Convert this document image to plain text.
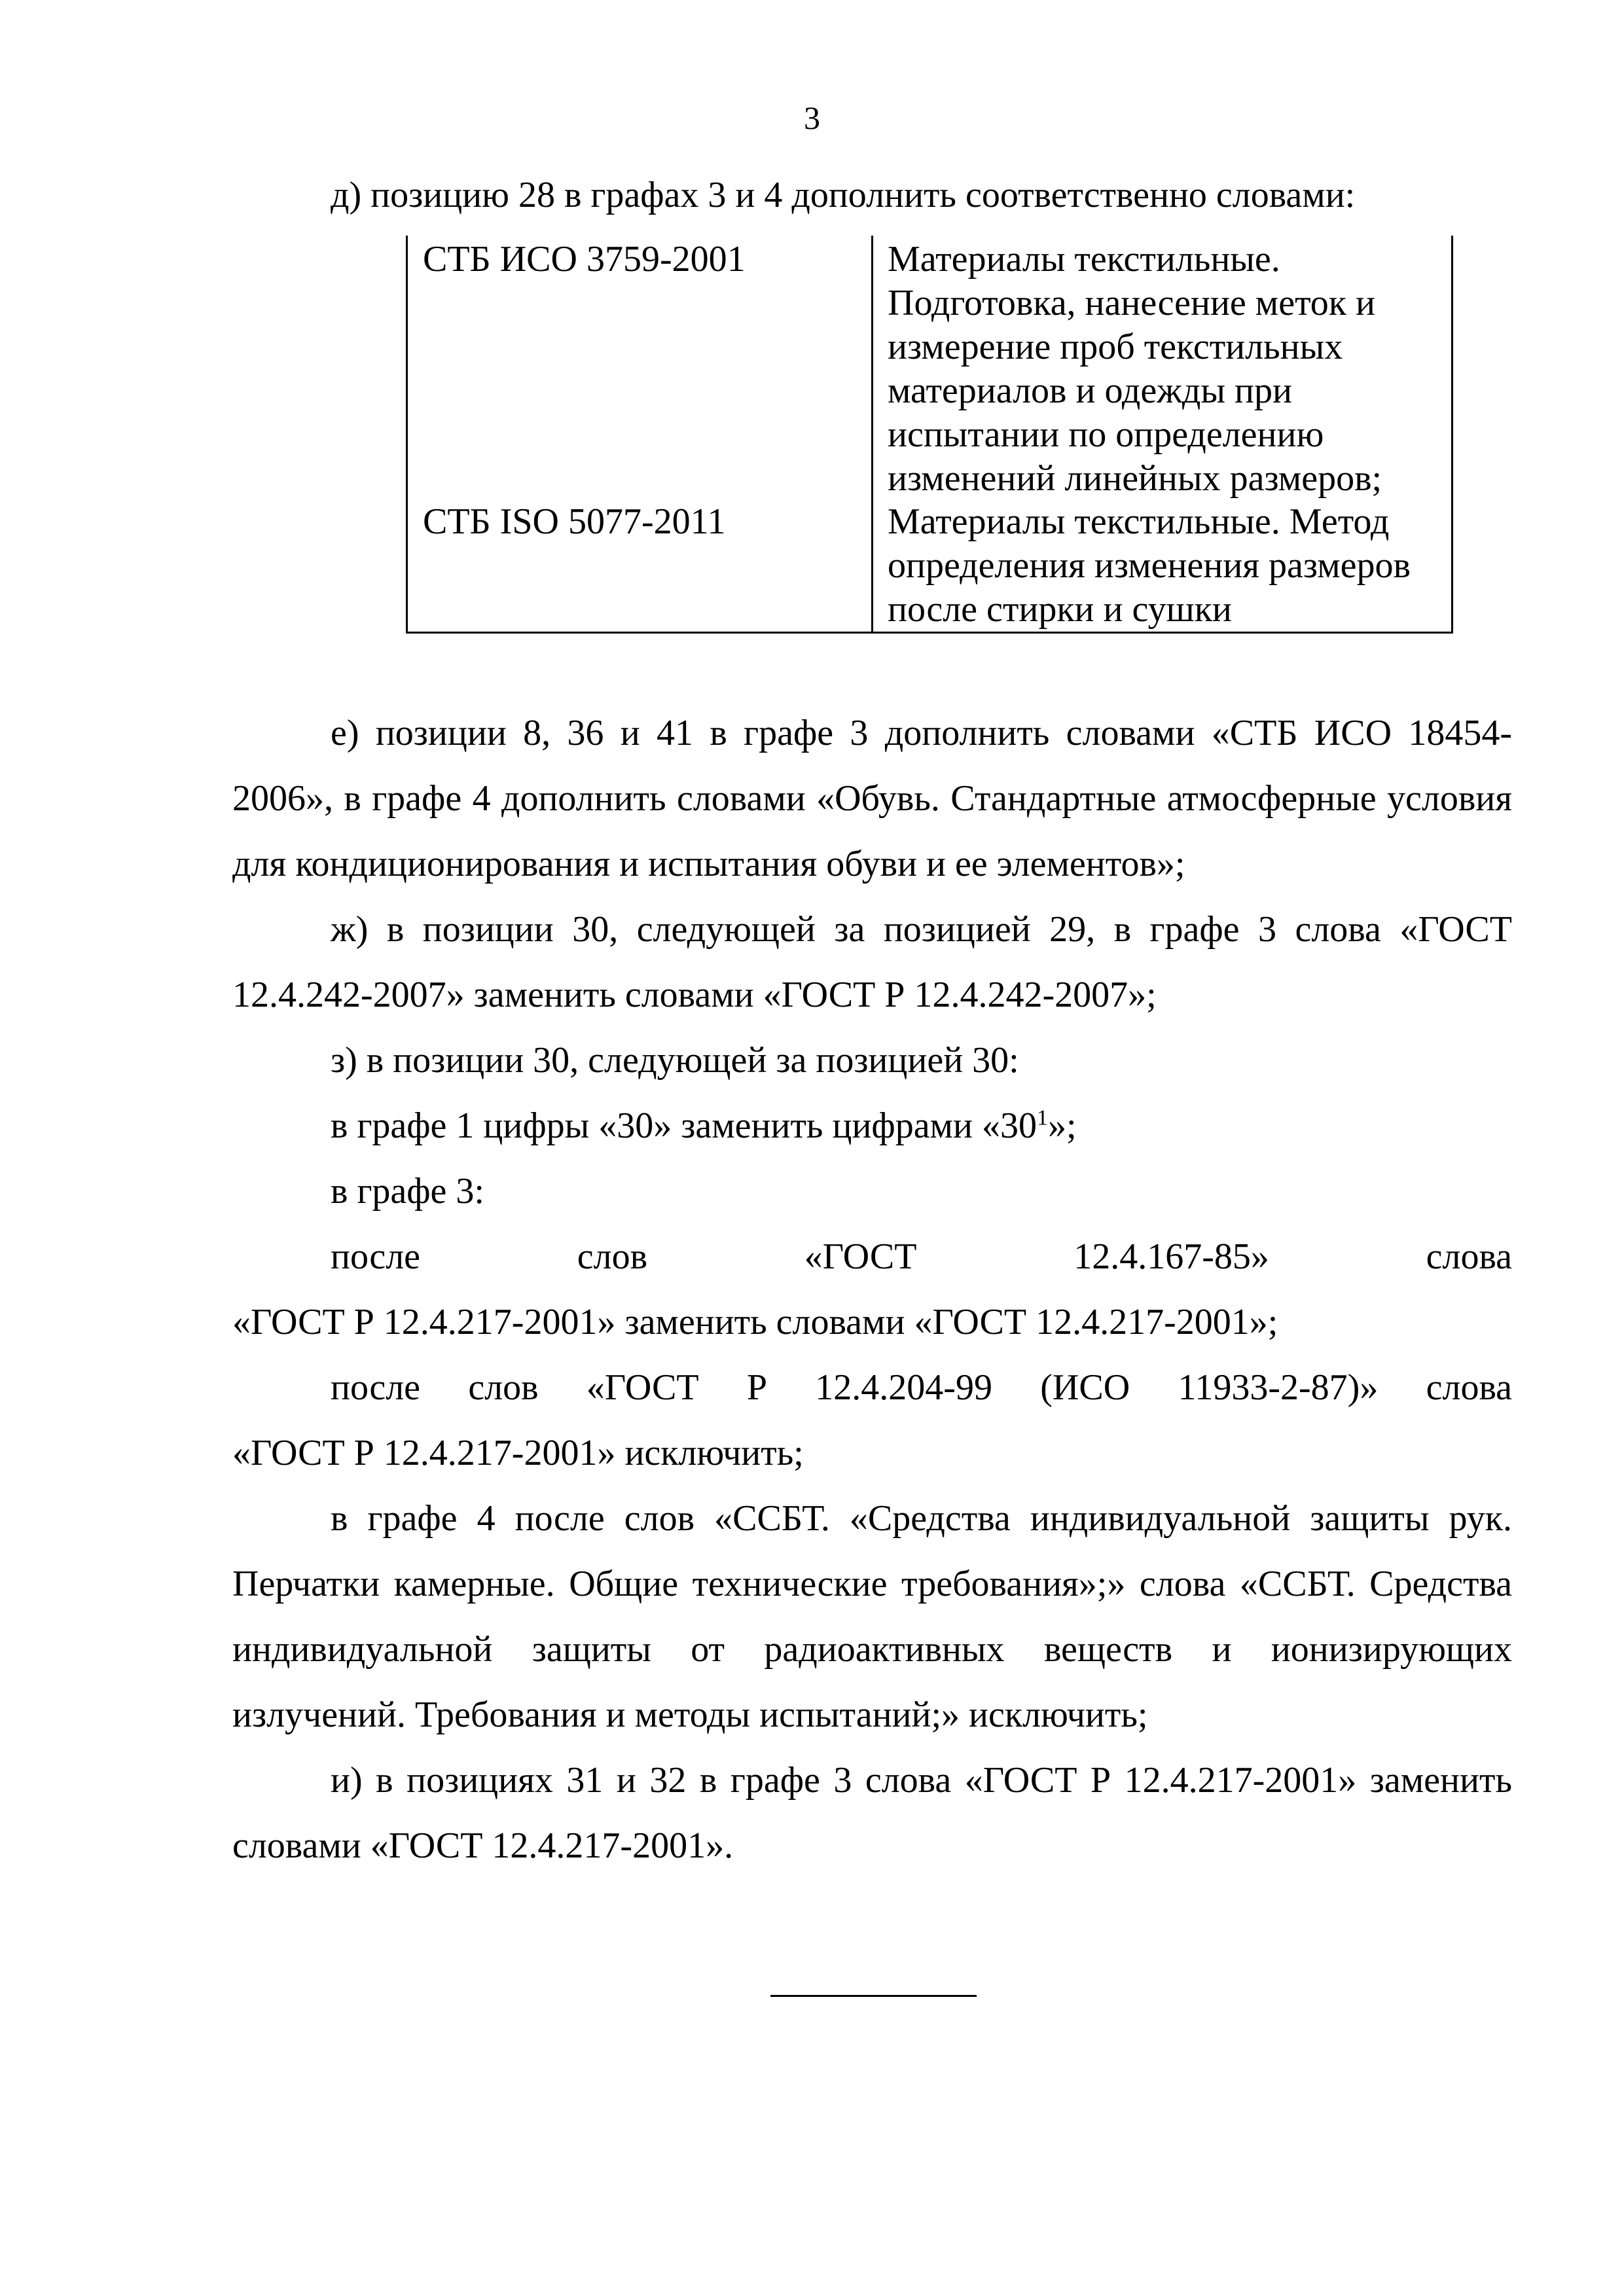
3
д) позицию 28 в графах 3 и 4 дополнить соответственно словами:
СТБ ИСО 3759-2001	Материалы текстильные.
Подготовка, нанесение меток и
измерение проб текстильных
материалов и одежды при
испытании по определению
изменений линейных размеров;
СТБ ISO 5077-2011	Материалы текстильные. Метод
определения изменения размеров
после стирки и сушки

е) позиции 8, 36 и 41 в графе 3 дополнить словами «СТБ ИСО 18454-2006», в графе 4 дополнить словами «Обувь. Стандартные атмосферные условия для кондиционирования и испытания обуви и ее элементов»;

ж) в позиции 30, следующей за позицией 29, в графе 3 слова «ГОСТ 12.4.242-2007» заменить словами «ГОСТ Р 12.4.242-2007»;

з) в позиции 30, следующей за позицией 30:

в графе 1 цифры «30» заменить цифрами «$30^1$»;

в графе 3:

после слов «ГОСТ 12.4.167-85» слова

«ГОСТ Р 12.4.217-2001» заменить словами «ГОСТ 12.4.217-2001»;

после слов «ГОСТ Р 12.4.204-99 (ИСО 11933-2-87)» слова

«ГОСТ Р 12.4.217-2001» исключить;

в графе 4 после слов «ССБТ. «Средства индивидуальной защиты рук. Перчатки камерные. Общие технические требования»;» слова «ССБТ. Средства индивидуальной защиты от радиоактивных веществ и ионизирующих излучений. Требования и методы испытаний;» исключить;

и) в позициях 31 и 32 в графе 3 слова «ГОСТ Р 12.4.217-2001» заменить словами «ГОСТ 12.4.217-2001».
